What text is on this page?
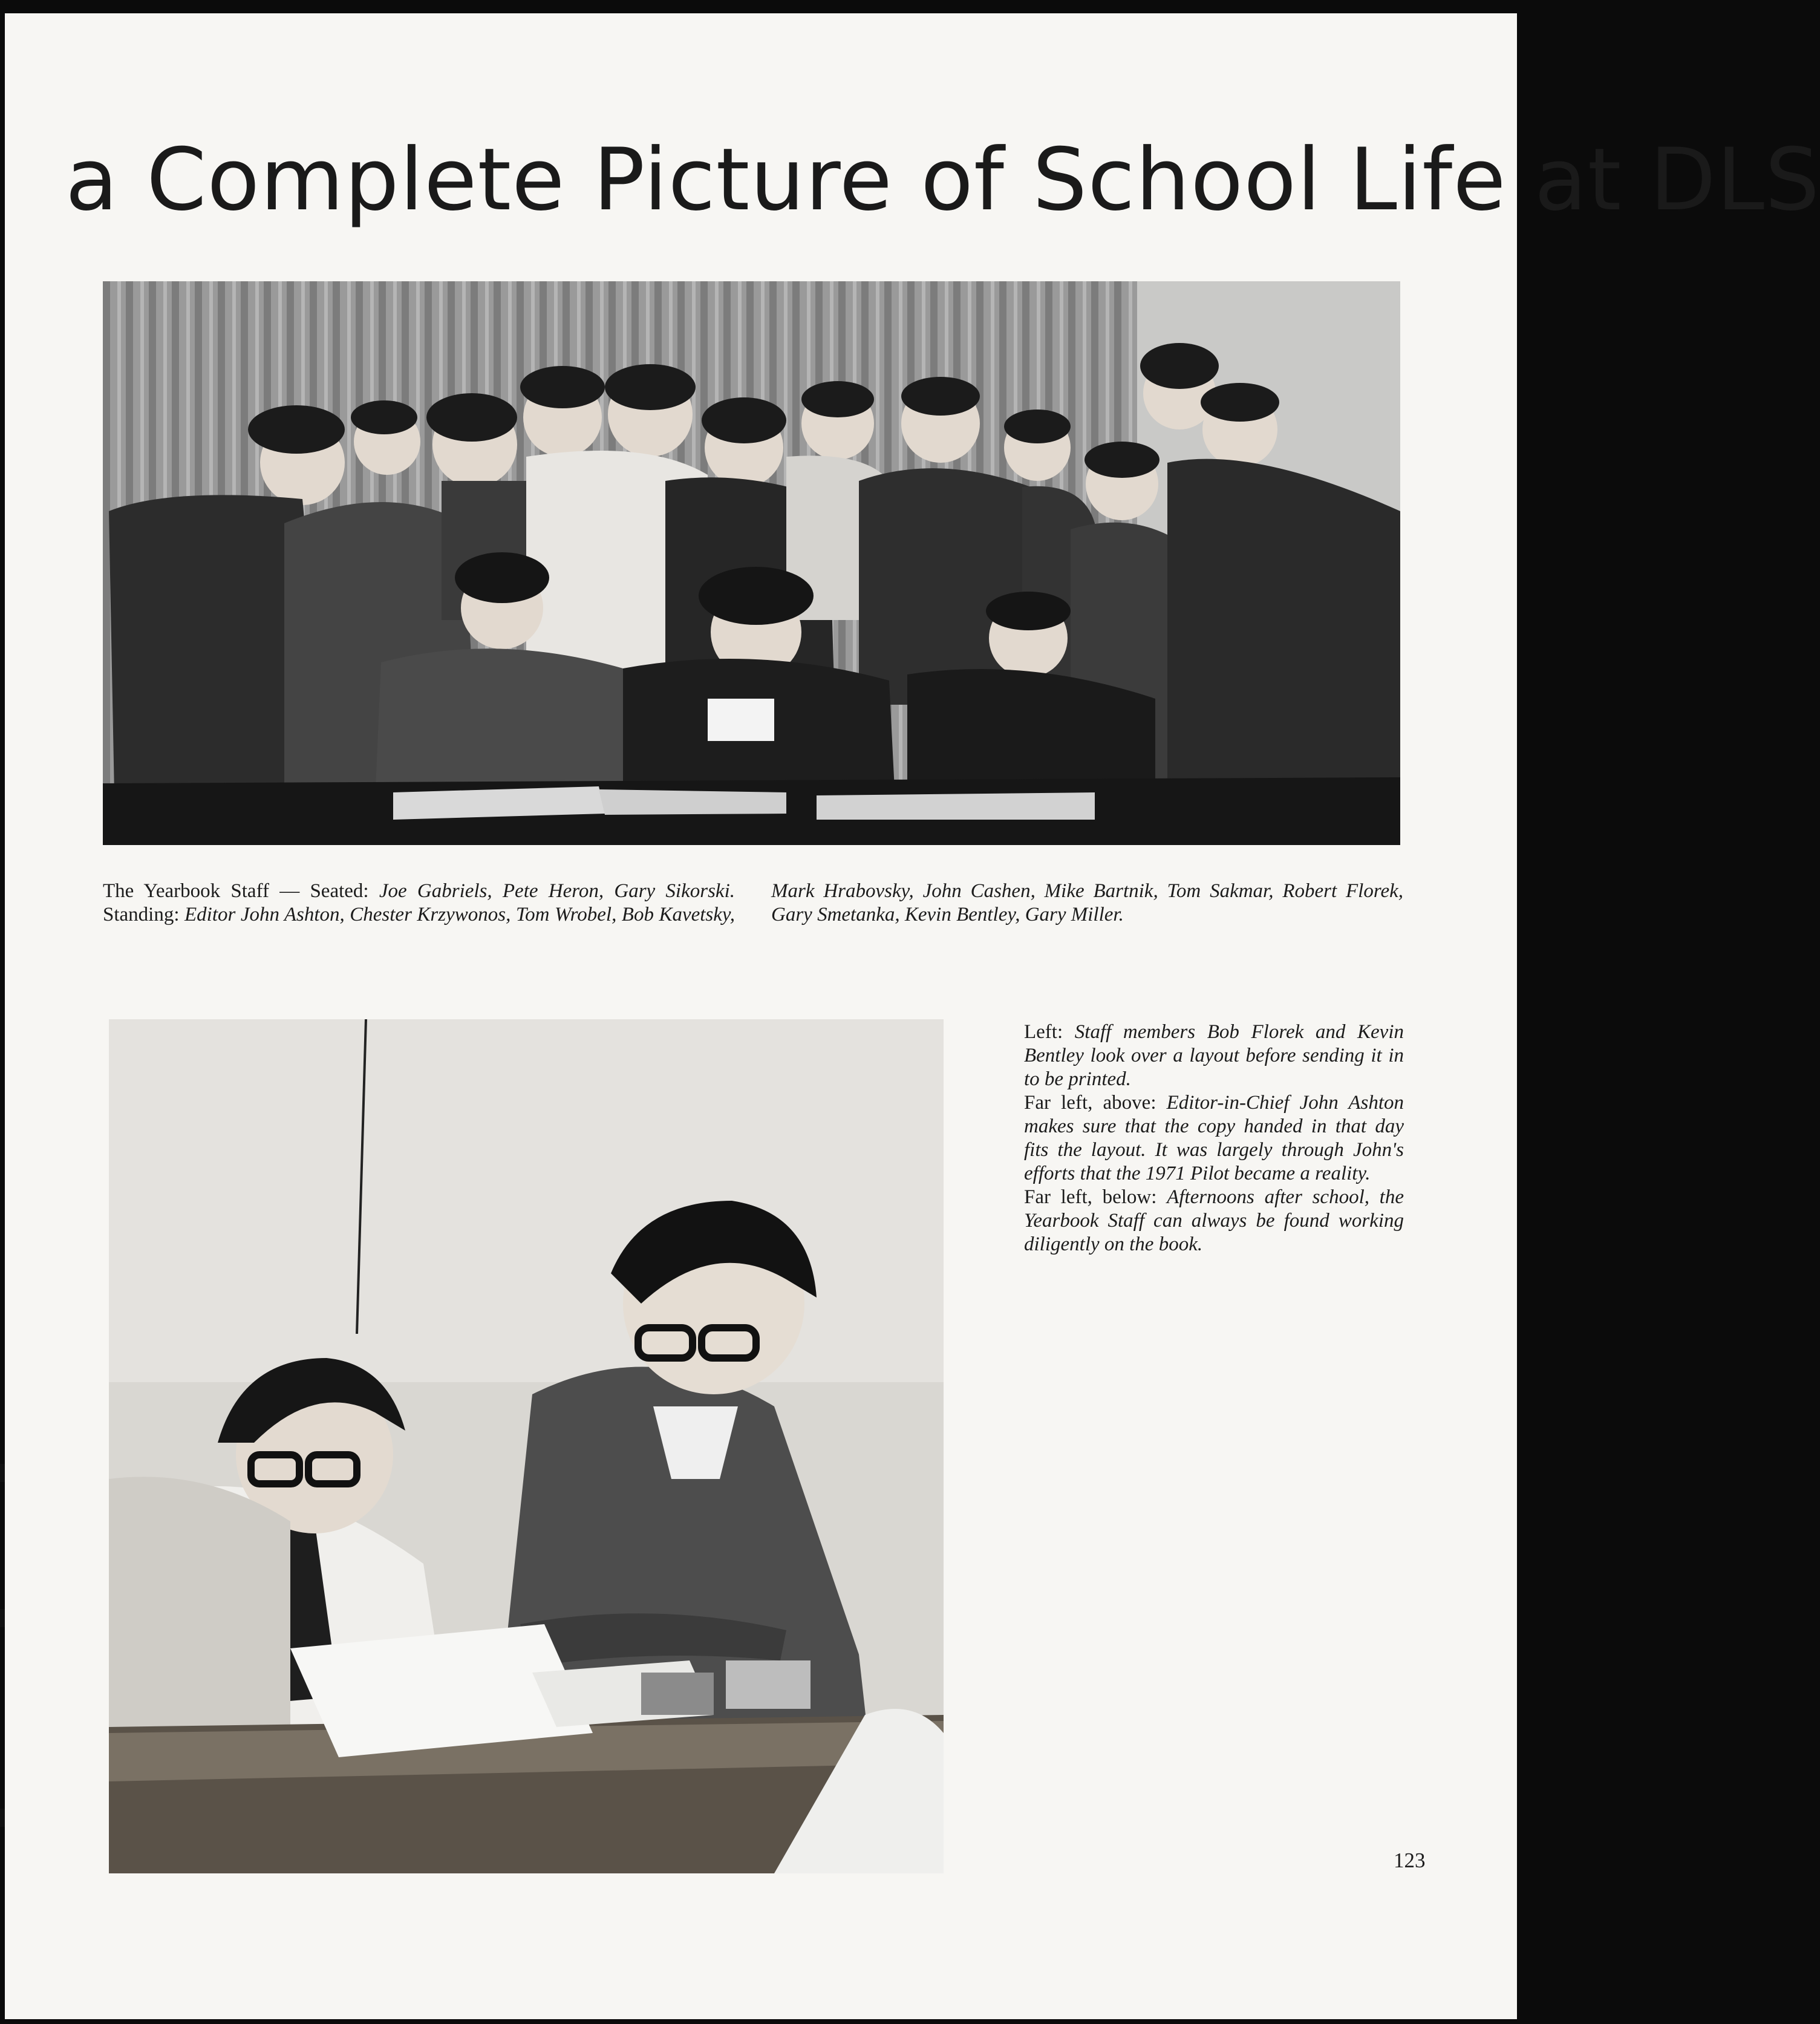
a Complete Picture of School Life at DLS
The Yearbook Staff — Seated: Joe Gabriels, Pete Heron, Gary Sikorski. Standing: Editor John Ashton, Chester Krzywonos, Tom Wrobel, Bob Kavetsky, Mark Hrabovsky, John Cashen, Mike Bartnik, Tom Sakmar, Robert Florek, Gary Smetanka, Kevin Bentley, Gary Miller.

Left: Staff members Bob Florek and Kevin Bentley look over a layout before sending it in to be printed.

Far left, above: Editor-in-Chief John Ashton makes sure that the copy handed in that day fits the layout. It was largely through John's efforts that the 1971 Pilot became a reality.

Far left, below: Afternoons after school, the Yearbook Staff can always be found working diligently on the book.

123
